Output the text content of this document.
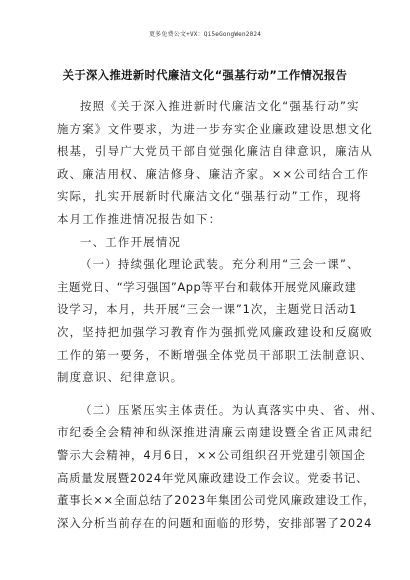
更多免费公文+VX：Qi5eGongWen2024
关于深入推进新时代廉洁文化“强基行动”工作情况报告
按照《关于深入推进新时代廉洁文化“强基行动”实
施方案》文件要求，为进一步夯实企业廉政建设思想文化
根基，引导广大党员干部自觉强化廉洁自律意识，廉洁从
政、廉洁用权、廉洁修身、廉洁齐家。××公司结合工作
实际，扎实开展新时代廉洁文化“强基行动”工作，现将
本月工作推进情况报告如下：
一、工作开展情况
（一）持续强化理论武装。充分利用“三会一课”、
主题党日、“学习强国”App等平台和载体开展党风廉政建
设学习，本月，共开展“三会一课”1次，主题党日活动1
次，坚持把加强学习教育作为强抓党风廉政建设和反腐败
工作的第一要务，不断增强全体党员干部职工法制意识、
制度意识、纪律意识。
（二）压紧压实主体责任。为认真落实中央、省、州、
市纪委全会精神和纵深推进清廉云南建设暨全省正风肃纪
警示大会精神，4月6日，××公司组织召开党建引领国企
高质量发展暨2024年党风廉政建设工作会议。党委书记、
董事长××全面总结了2023年集团公司党风廉政建设工作，
深入分析当前存在的问题和面临的形势，安排部署了2024
